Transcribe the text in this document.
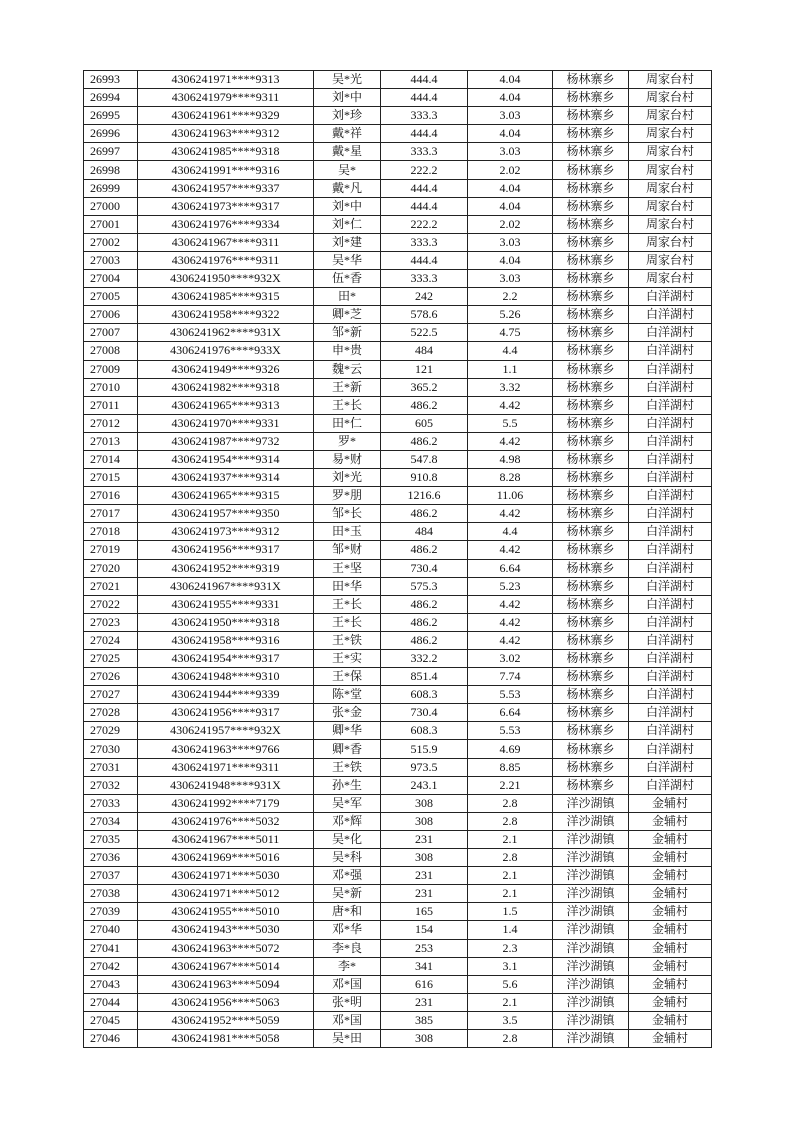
26993	4306241971****9313	吴*光	444.4	4.04	杨林寨乡	周家台村
26994	4306241979****9311	刘*中	444.4	4.04	杨林寨乡	周家台村
26995	4306241961****9329	刘*珍	333.3	3.03	杨林寨乡	周家台村
26996	4306241963****9312	戴*祥	444.4	4.04	杨林寨乡	周家台村
26997	4306241985****9318	戴*星	333.3	3.03	杨林寨乡	周家台村
26998	4306241991****9316	吴*	222.2	2.02	杨林寨乡	周家台村
26999	4306241957****9337	戴*凡	444.4	4.04	杨林寨乡	周家台村
27000	4306241973****9317	刘*中	444.4	4.04	杨林寨乡	周家台村
27001	4306241976****9334	刘*仁	222.2	2.02	杨林寨乡	周家台村
27002	4306241967****9311	刘*建	333.3	3.03	杨林寨乡	周家台村
27003	4306241976****9311	吴*华	444.4	4.04	杨林寨乡	周家台村
27004	4306241950****932X	伍*香	333.3	3.03	杨林寨乡	周家台村
27005	4306241985****9315	田*	242	2.2	杨林寨乡	白洋湖村
27006	4306241958****9322	卿*芝	578.6	5.26	杨林寨乡	白洋湖村
27007	4306241962****931X	邹*新	522.5	4.75	杨林寨乡	白洋湖村
27008	4306241976****933X	申*贵	484	4.4	杨林寨乡	白洋湖村
27009	4306241949****9326	魏*云	121	1.1	杨林寨乡	白洋湖村
27010	4306241982****9318	王*新	365.2	3.32	杨林寨乡	白洋湖村
27011	4306241965****9313	王*长	486.2	4.42	杨林寨乡	白洋湖村
27012	4306241970****9331	田*仁	605	5.5	杨林寨乡	白洋湖村
27013	4306241987****9732	罗*	486.2	4.42	杨林寨乡	白洋湖村
27014	4306241954****9314	易*财	547.8	4.98	杨林寨乡	白洋湖村
27015	4306241937****9314	刘*光	910.8	8.28	杨林寨乡	白洋湖村
27016	4306241965****9315	罗*朋	1216.6	11.06	杨林寨乡	白洋湖村
27017	4306241957****9350	邹*长	486.2	4.42	杨林寨乡	白洋湖村
27018	4306241973****9312	田*玉	484	4.4	杨林寨乡	白洋湖村
27019	4306241956****9317	邹*财	486.2	4.42	杨林寨乡	白洋湖村
27020	4306241952****9319	王*坚	730.4	6.64	杨林寨乡	白洋湖村
27021	4306241967****931X	田*华	575.3	5.23	杨林寨乡	白洋湖村
27022	4306241955****9331	王*长	486.2	4.42	杨林寨乡	白洋湖村
27023	4306241950****9318	王*长	486.2	4.42	杨林寨乡	白洋湖村
27024	4306241958****9316	王*铁	486.2	4.42	杨林寨乡	白洋湖村
27025	4306241954****9317	王*实	332.2	3.02	杨林寨乡	白洋湖村
27026	4306241948****9310	王*保	851.4	7.74	杨林寨乡	白洋湖村
27027	4306241944****9339	陈*堂	608.3	5.53	杨林寨乡	白洋湖村
27028	4306241956****9317	张*金	730.4	6.64	杨林寨乡	白洋湖村
27029	4306241957****932X	卿*华	608.3	5.53	杨林寨乡	白洋湖村
27030	4306241963****9766	卿*香	515.9	4.69	杨林寨乡	白洋湖村
27031	4306241971****9311	王*铁	973.5	8.85	杨林寨乡	白洋湖村
27032	4306241948****931X	孙*生	243.1	2.21	杨林寨乡	白洋湖村
27033	4306241992****7179	吴*军	308	2.8	洋沙湖镇	金辅村
27034	4306241976****5032	邓*辉	308	2.8	洋沙湖镇	金辅村
27035	4306241967****5011	吴*化	231	2.1	洋沙湖镇	金辅村
27036	4306241969****5016	吴*科	308	2.8	洋沙湖镇	金辅村
27037	4306241971****5030	邓*强	231	2.1	洋沙湖镇	金辅村
27038	4306241971****5012	吴*新	231	2.1	洋沙湖镇	金辅村
27039	4306241955****5010	唐*和	165	1.5	洋沙湖镇	金辅村
27040	4306241943****5030	邓*华	154	1.4	洋沙湖镇	金辅村
27041	4306241963****5072	李*良	253	2.3	洋沙湖镇	金辅村
27042	4306241967****5014	李*	341	3.1	洋沙湖镇	金辅村
27043	4306241963****5094	邓*国	616	5.6	洋沙湖镇	金辅村
27044	4306241956****5063	张*明	231	2.1	洋沙湖镇	金辅村
27045	4306241952****5059	邓*国	385	3.5	洋沙湖镇	金辅村
27046	4306241981****5058	吴*田	308	2.8	洋沙湖镇	金辅村
